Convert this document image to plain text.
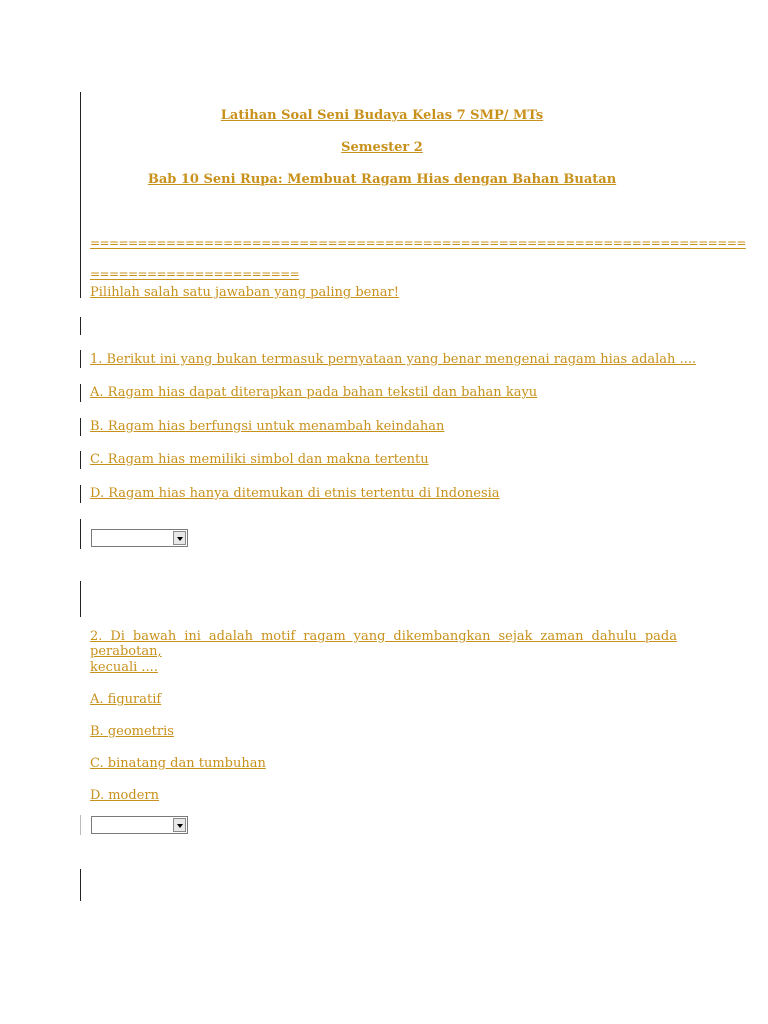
Latihan Soal Seni Budaya Kelas 7 SMP/ MTs
Semester 2
Bab 10 Seni Rupa: Membuat Ragam Hias dengan Bahan Buatan
=====================================================================
======================
Pilihlah salah satu jawaban yang paling benar!
1. Berikut ini yang bukan termasuk pernyataan yang benar mengenai ragam hias adalah ....
A. Ragam hias dapat diterapkan pada bahan tekstil dan bahan kayu
B. Ragam hias berfungsi untuk menambah keindahan
C. Ragam hias memiliki simbol dan makna tertentu
D. Ragam hias hanya ditemukan di etnis tertentu di Indonesia
2. Di bawah ini adalah motif ragam yang dikembangkan sejak zaman dahulu pada perabotan,
kecuali ....
A. figuratif
B. geometris
C. binatang dan tumbuhan
D. modern
